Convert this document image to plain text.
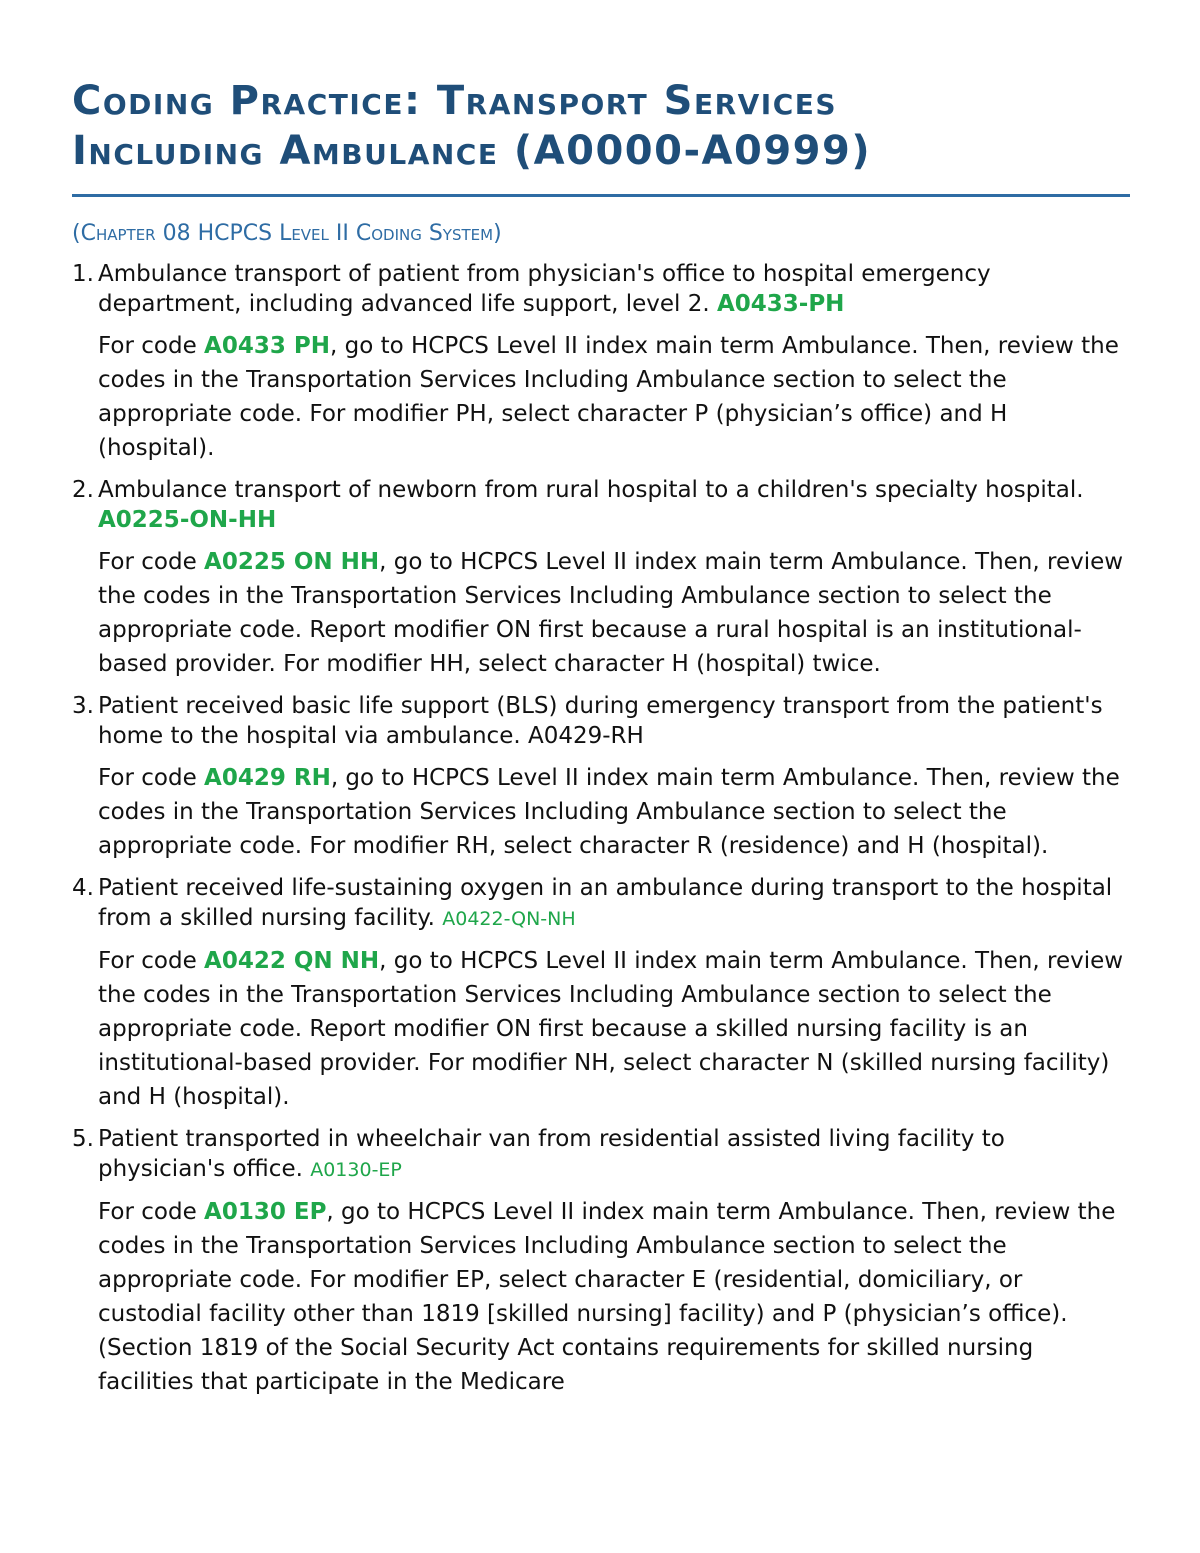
Coding Practice: Transport Services
Including Ambulance (A0000-A0999)
(Chapter 08 HCPCS Level II Coding System)
1. Ambulance transport of patient from physician's office to hospital emergency department, including advanced life support, level 2. A0433-PH

For code A0433 PH, go to HCPCS Level II index main term Ambulance. Then, review the codes in the Transportation Services Including Ambulance section to select the appropriate code. For modifier PH, select character P (physician’s office) and H (hospital).

2. Ambulance transport of newborn from rural hospital to a children's specialty hospital. A0225-ON-HH

For code A0225 ON HH, go to HCPCS Level II index main term Ambulance. Then, review the codes in the Transportation Services Including Ambulance section to select the appropriate code. Report modifier ON first because a rural hospital is an institutional-based provider. For modifier HH, select character H (hospital) twice.

3. Patient received basic life support (BLS) during emergency transport from the patient's home to the hospital via ambulance. A0429-RH

For code A0429 RH, go to HCPCS Level II index main term Ambulance. Then, review the codes in the Transportation Services Including Ambulance section to select the appropriate code. For modifier RH, select character R (residence) and H (hospital).

4. Patient received life-sustaining oxygen in an ambulance during transport to the hospital from a skilled nursing facility. A0422-QN-NH

For code A0422 QN NH, go to HCPCS Level II index main term Ambulance. Then, review the codes in the Transportation Services Including Ambulance section to select the appropriate code. Report modifier ON first because a skilled nursing facility is an institutional-based provider. For modifier NH, select character N (skilled nursing facility) and H (hospital).

5. Patient transported in wheelchair van from residential assisted living facility to physician's office. A0130-EP

For code A0130 EP, go to HCPCS Level II index main term Ambulance. Then, review the codes in the Transportation Services Including Ambulance section to select the appropriate code. For modifier EP, select character E (residential, domiciliary, or custodial facility other than 1819 [skilled nursing] facility) and P (physician’s office). (Section 1819 of the Social Security Act contains requirements for skilled nursing facilities that participate in the Medicare
